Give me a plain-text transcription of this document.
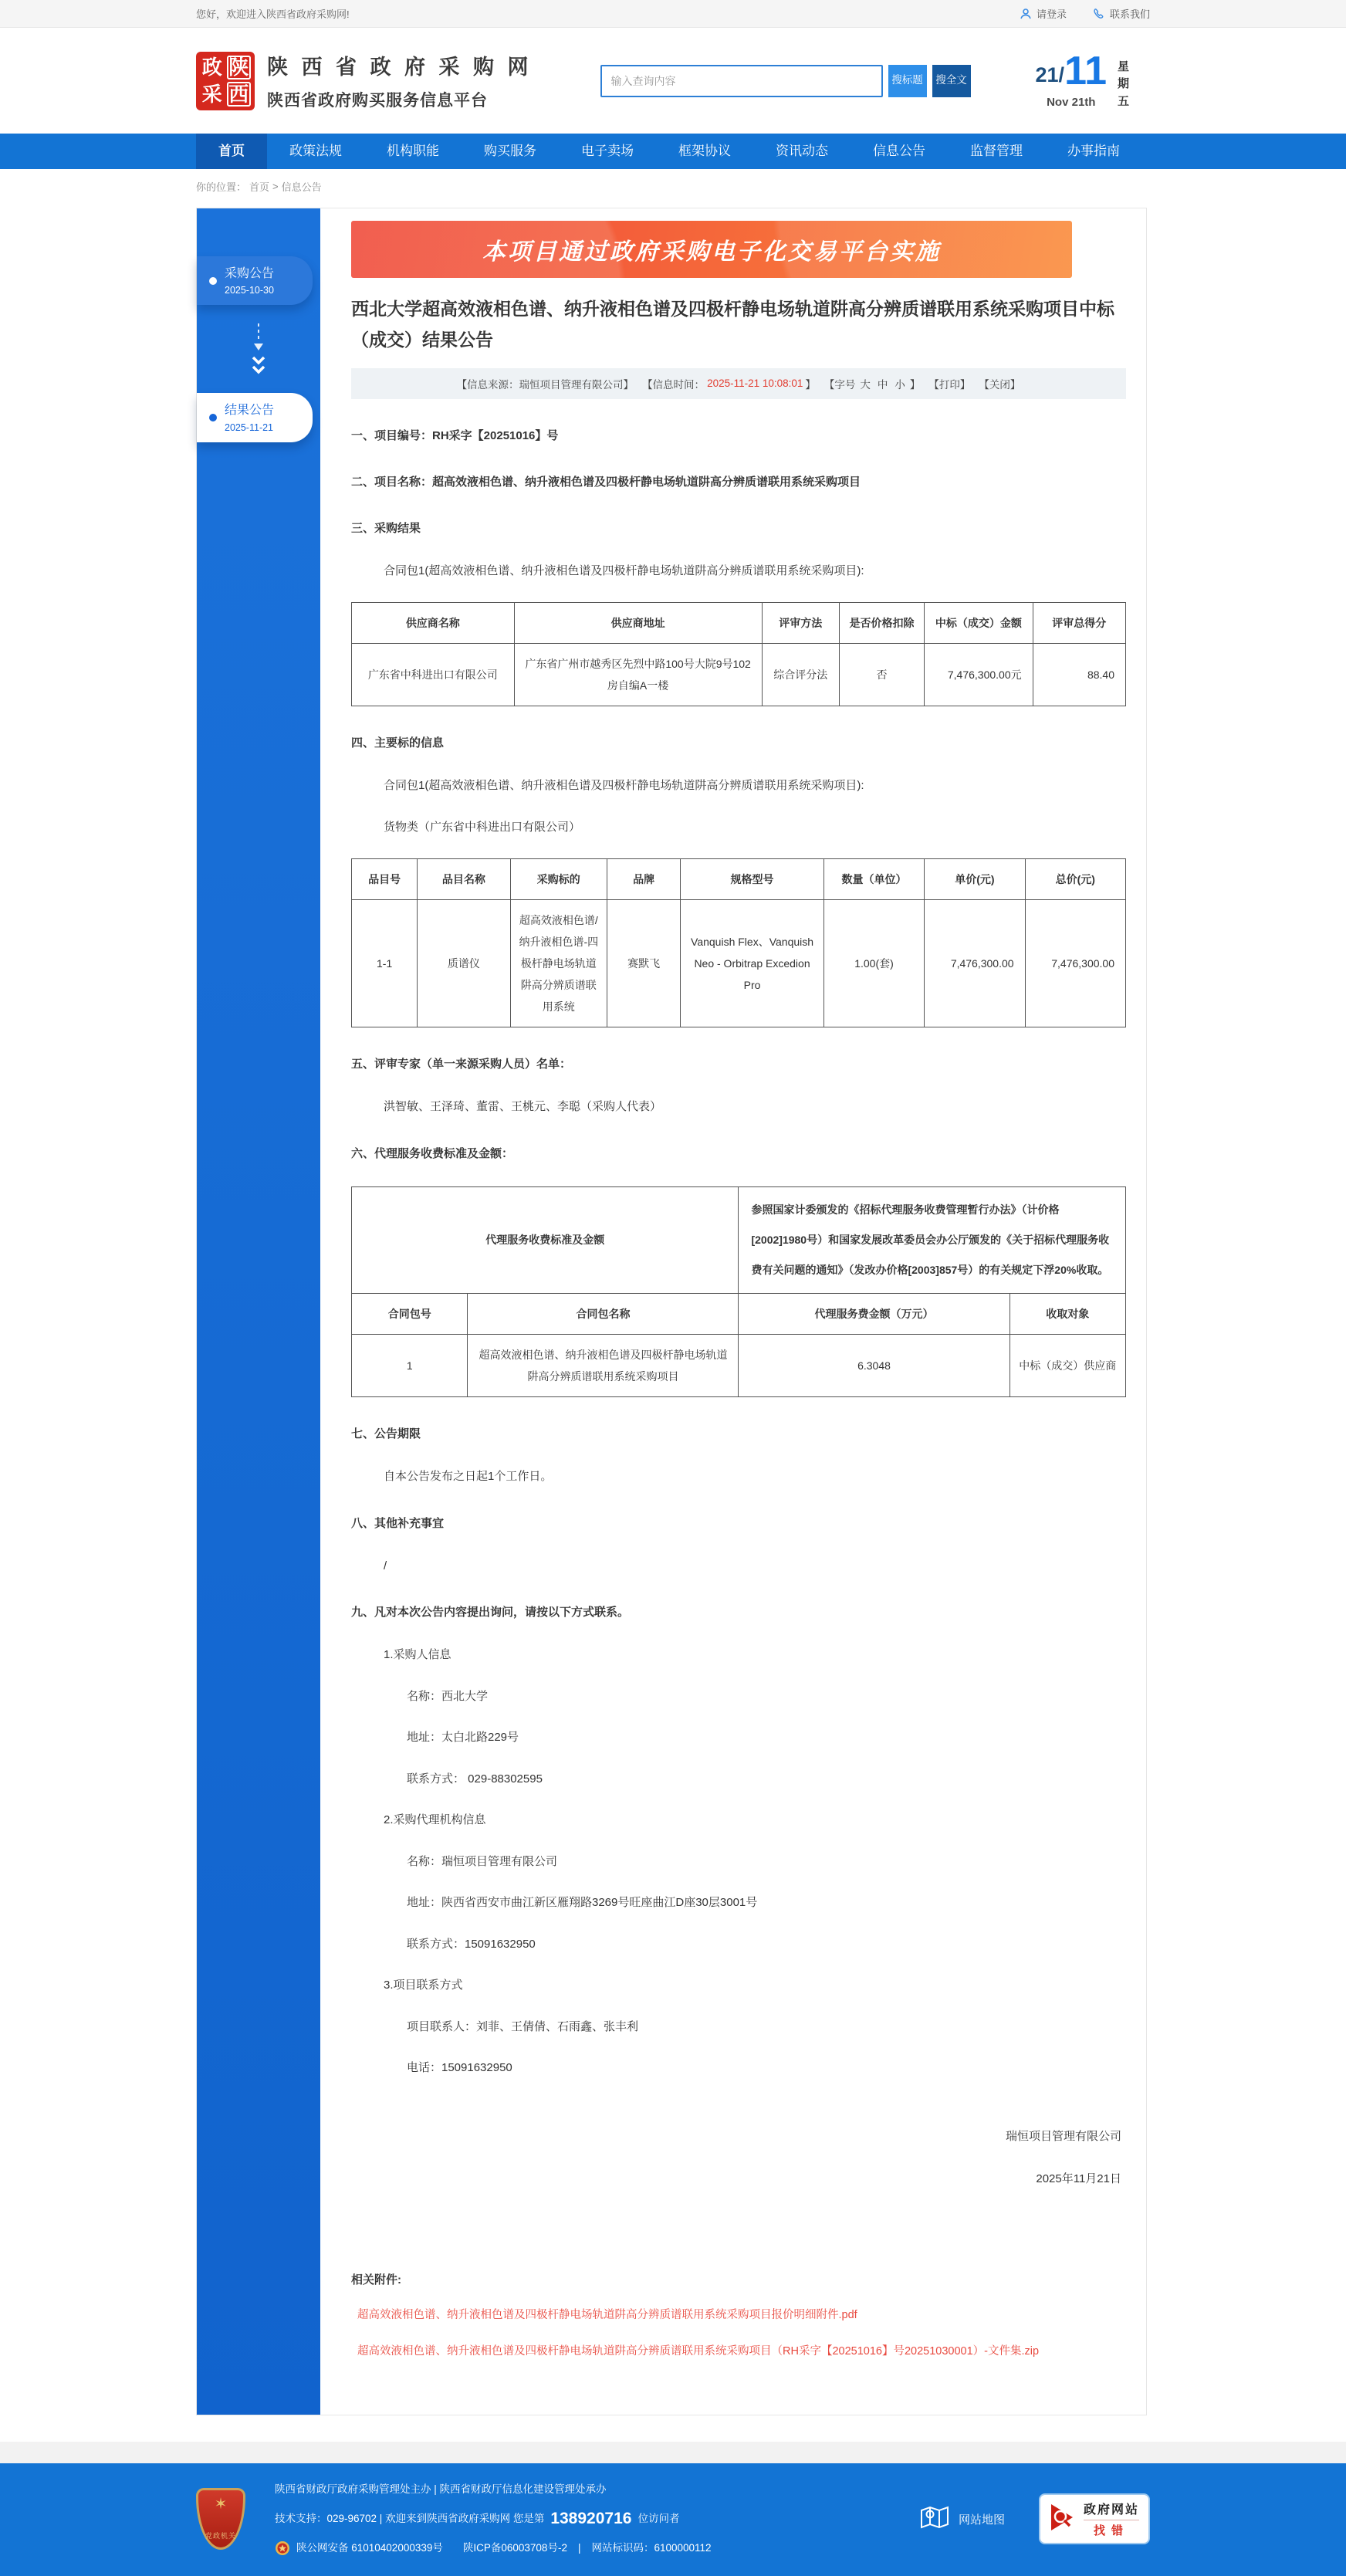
您好，欢迎进入陕西省政府采购网!	请登录	联系我们
政 陕
采 西
陕 西 省 政 府 采 购 网
陕西省政府购买服务信息平台
输入查询内容
搜标题	搜全文	21/ 11
Nov 21th
星
期
五
首页	政策法规	机构职能	购买服务	电子卖场	框架协议	资讯动态	信息公告	监督管理	办事指南
你的位置： 首页 > 信息公告
采购公告
2025-10-30
结果公告
2025-11-21
本项目通过政府采购电子化交易平台实施
西北大学超高效液相色谱、纳升液相色谱及四极杆静电场轨道阱高分辨质谱联用系统采购项目中标（成交）结果公告
【信息来源：瑞恒项目管理有限公司】 【信息时间： 2025-11-21 10:08:01 】 【字号 大 中 小 】 【打印】 【关闭】
一、项目编号：RH采字【20251016】号
二、项目名称：超高效液相色谱、纳升液相色谱及四极杆静电场轨道阱高分辨质谱联用系统采购项目
三、采购结果
合同包1(超高效液相色谱、纳升液相色谱及四极杆静电场轨道阱高分辨质谱联用系统采购项目):
供应商名称	供应商地址	评审方法	是否价格扣除	中标（成交）金额	评审总得分
广东省中科进出口有限公司	广东省广州市越秀区先烈中路100号大院9号102房自编A一楼	综合评分法	否	7,476,300.00元	88.40
四、主要标的信息
合同包1(超高效液相色谱、纳升液相色谱及四极杆静电场轨道阱高分辨质谱联用系统采购项目):
货物类（广东省中科进出口有限公司）
品目号	品目名称	采购标的	品牌	规格型号	数量（单位）	单价(元)	总价(元)
1-1	质谱仪	超高效液相色谱/纳升液相色谱-四极杆静电场轨道阱高分辨质谱联用系统	赛默飞	Vanquish Flex、Vanquish Neo - Orbitrap Excedion Pro	1.00(套)	7,476,300.00	7,476,300.00
五、评审专家（单一来源采购人员）名单：
洪智敏、王泽琦、董雷、王桃元、李聪（采购人代表）
六、代理服务收费标准及金额：
代理服务收费标准及金额		参照国家计委颁发的《招标代理服务收费管理暂行办法》（计价格[2002]1980号）和国家发展改革委员会办公厅颁发的《关于招标代理服务收费有关问题的通知》（发改办价格[2003]857号）的有关规定下浮20%收取。	
合同包号	合同包名称	代理服务费金额（万元）	收取对象
1	超高效液相色谱、纳升液相色谱及四极杆静电场轨道阱高分辨质谱联用系统采购项目	6.3048	中标（成交）供应商
七、公告期限
自本公告发布之日起1个工作日。
八、其他补充事宜
/
九、凡对本次公告内容提出询问，请按以下方式联系。
1.采购人信息
名称：西北大学
地址：太白北路229号
联系方式： 029-88302595
2.采购代理机构信息
名称：瑞恒项目管理有限公司
地址：陕西省西安市曲江新区雁翔路3269号旺座曲江D座30层3001号
联系方式：15091632950
3.项目联系方式
项目联系人：刘菲、王倩倩、石雨鑫、张丰利
电话：15091632950
瑞恒项目管理有限公司
2025年11月21日
相关附件:
超高效液相色谱、纳升液相色谱及四极杆静电场轨道阱高分辨质谱联用系统采购项目报价明细附件.pdf
超高效液相色谱、纳升液相色谱及四极杆静电场轨道阱高分辨质谱联用系统采购项目（RH采字【20251016】号20251030001）-文件集.zip
✶
党政机关
陕西省财政厅政府采购管理处主办 | 陕西省财政厅信息化建设管理处承办
技术支持：029-96702 | 欢迎来到陕西省政府采购网 您是第 138920716 位访问者
陕公网安备 61010402000339号 陕ICP备06003708号-2 | 网站标识码：6100000112
网站地图
政府网站
找错
